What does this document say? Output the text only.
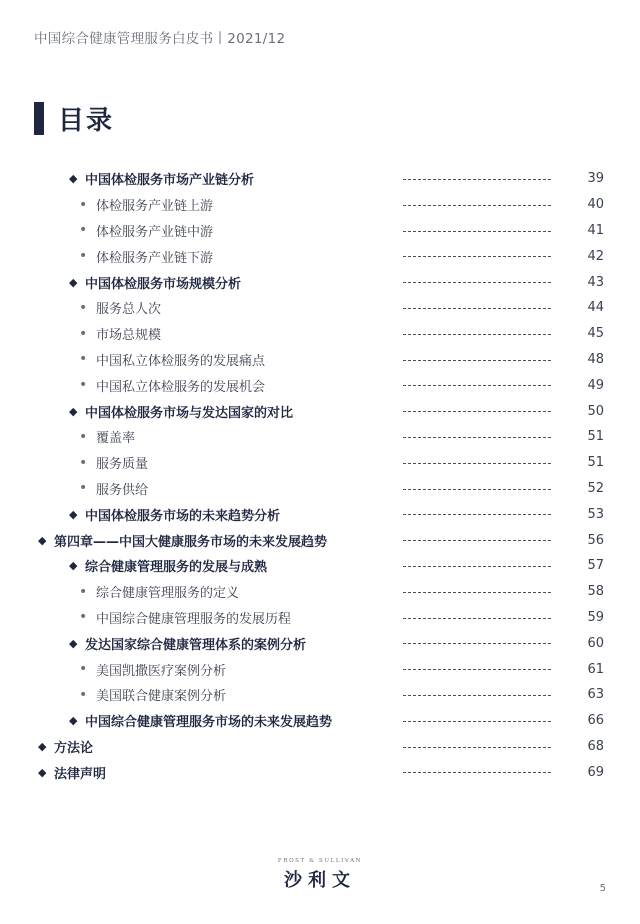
中国综合健康管理服务白皮书丨2021/12
目录
◆ 中国体检服务市场产业链分析	39
• 体检服务产业链上游	40
• 体检服务产业链中游	41
• 体检服务产业链下游	42
◆ 中国体检服务市场规模分析	43
• 服务总人次	44
• 市场总规模	45
• 中国私立体检服务的发展痛点	48
• 中国私立体检服务的发展机会	49
◆ 中国体检服务市场与发达国家的对比	50
• 覆盖率	51
• 服务质量	51
• 服务供给	52
◆ 中国体检服务市场的未来趋势分析	53
◆ 第四章——中国大健康服务市场的未来发展趋势	56
◆ 综合健康管理服务的发展与成熟	57
• 综合健康管理服务的定义	58
• 中国综合健康管理服务的发展历程	59
◆ 发达国家综合健康管理体系的案例分析	60
• 美国凯撒医疗案例分析	61
• 美国联合健康案例分析	63
◆ 中国综合健康管理服务市场的未来发展趋势	66
◆ 方法论	68
◆ 法律声明	69
FROST & SULLIVAN
沙利文	5
